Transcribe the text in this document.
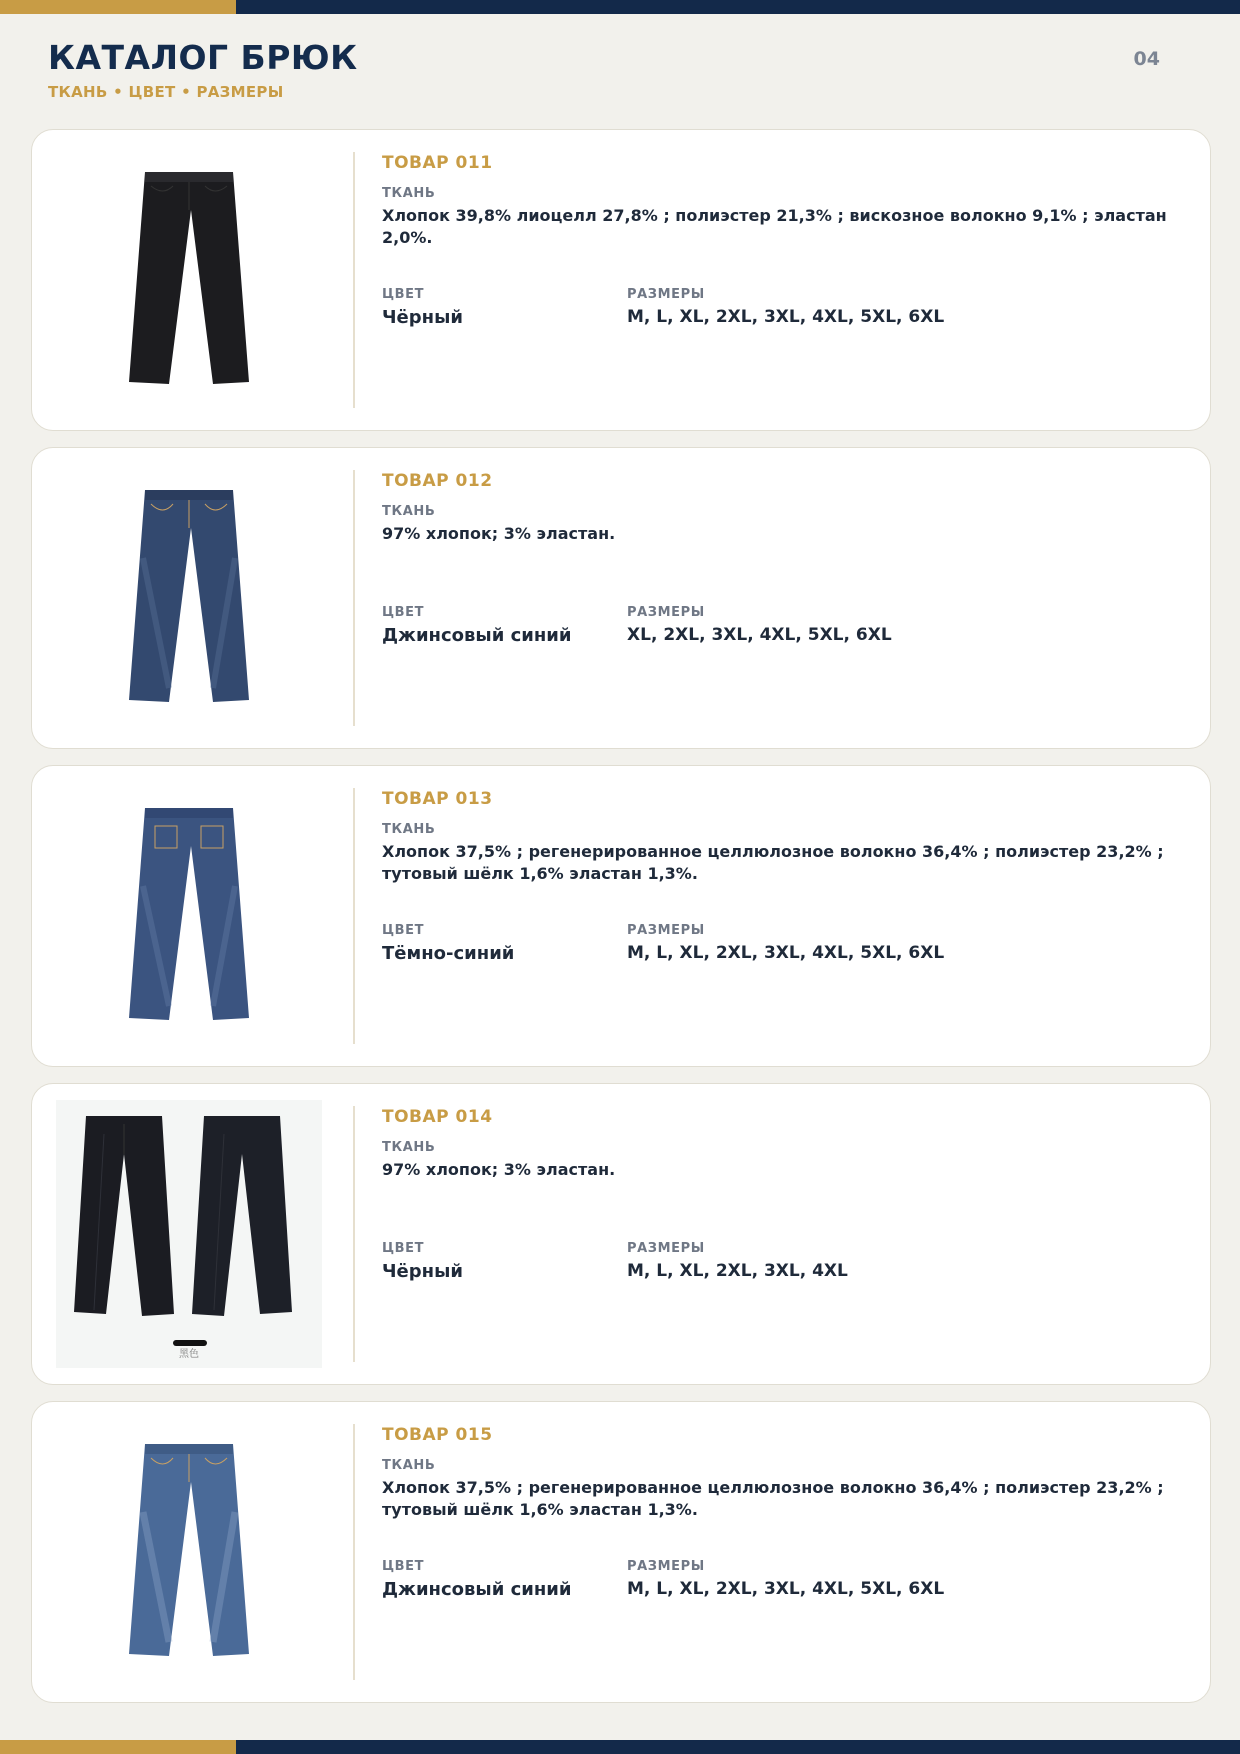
КАТАЛОГ БРЮК
ТКАНЬ • ЦВЕТ • РАЗМЕРЫ
04
ТОВАР 011
ТКАНЬ
Хлопок 39,8% лиоцелл 27,8% ; полиэстер 21,3% ; вискозное волокно 9,1% ; эластан 2,0%.
ЦВЕТ
Чёрный
РАЗМЕРЫ
M, L, XL, 2XL, 3XL, 4XL, 5XL, 6XL
ТОВАР 012
ТКАНЬ
97% хлопок; 3% эластан.
ЦВЕТ
Джинсовый синий
РАЗМЕРЫ
XL, 2XL, 3XL, 4XL, 5XL, 6XL
ТОВАР 013
ТКАНЬ
Хлопок 37,5% ; регенерированное целлюлозное волокно 36,4% ; полиэстер 23,2% ; тутовый шёлк 1,6% эластан 1,3%.
ЦВЕТ
Тёмно-синий
РАЗМЕРЫ
M, L, XL, 2XL, 3XL, 4XL, 5XL, 6XL
黑色
ТОВАР 014
ТКАНЬ
97% хлопок; 3% эластан.
ЦВЕТ
Чёрный
РАЗМЕРЫ
M, L, XL, 2XL, 3XL, 4XL
ТОВАР 015
ТКАНЬ
Хлопок 37,5% ; регенерированное целлюлозное волокно 36,4% ; полиэстер 23,2% ; тутовый шёлк 1,6% эластан 1,3%.
ЦВЕТ
Джинсовый синий
РАЗМЕРЫ
M, L, XL, 2XL, 3XL, 4XL, 5XL, 6XL
